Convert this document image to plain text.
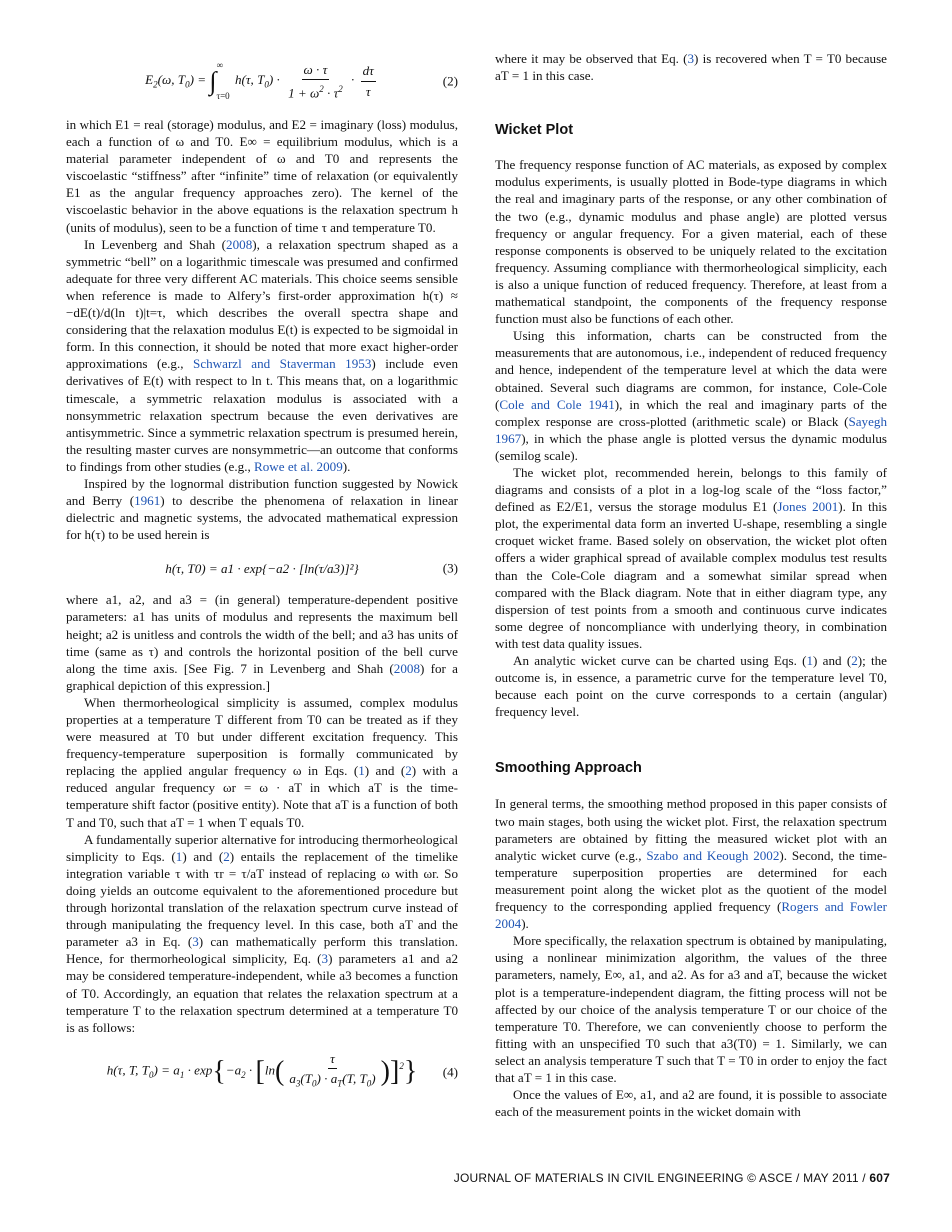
$E_2(\omega$, $T_0$) = ∫
∞
τ=0
h(τ, $T_0) \cdot \frac{\omega \cdot \tau}{1 + \omega^2 \cdot \tau^2} \cdot \frac{d\tau}{\tau}$	(2)

in which E1 = real (storage) modulus, and E2 = imaginary (loss) modulus, each a function of ω and T0. E∞ = equilibrium modulus, which is a material parameter independent of ω and T0 and represents the viscoelastic “stiffness” after “infinite” time of relaxation (or equivalently E1 as the angular frequency approaches zero). The kernel of the viscoelastic behavior in the above equations is the relaxation spectrum h (units of modulus), seen to be a function of time τ and temperature T0.

In Levenberg and Shah (2008), a relaxation spectrum shaped as a symmetric “bell” on a logarithmic timescale was presumed and confirmed adequate for three very different AC materials. This choice seems sensible when reference is made to Alfery’s first-order approximation h(τ) ≈ −dE(t)/d(ln t)|t=τ, which describes the overall spectra shape and considering that the relaxation modulus E(t) is expected to be sigmoidal in form. In this connection, it should be noted that more exact higher-order approximations (e.g., Schwarzl and Staverman 1953) include even derivatives of E(t) with respect to ln t. This means that, on a logarithmic timescale, a symmetric relaxation modulus is associated with a nonsymmetric relaxation spectrum because the even derivatives are antisymmetric. Since a symmetric relaxation spectrum is presumed herein, the resulting master curves are nonsymmetric—an outcome that conforms to findings from other studies (e.g., Rowe et al. 2009).

Inspired by the lognormal distribution function suggested by Nowick and Berry (1961) to describe the phenomena of relaxation in linear dielectric and magnetic systems, the advocated mathematical expression for h(τ) to be used herein is

h(τ, T0) = a1 · exp{−a2 · [ln(τ/a3)]²}	(3)

where a1, a2, and a3 = (in general) temperature-dependent positive parameters: a1 has units of modulus and represents the maximum bell height; a2 is unitless and controls the width of the bell; and a3 has units of time (same as τ) and controls the horizontal position of the bell curve along the time axis. [See Fig. 7 in Levenberg and Shah (2008) for a graphical depiction of this expression.]

When thermorheological simplicity is assumed, complex modulus properties at a temperature T different from T0 can be treated as if they were measured at T0 but under different excitation frequency. This frequency-temperature superposition is formally communicated by replacing the applied angular frequency ω in Eqs. (1) and (2) with a reduced angular frequency ωr = ω · aT in which aT is the time-temperature shift factor (positive entity). Note that aT is a function of both T and T0, such that aT = 1 when T equals T0.

A fundamentally superior alternative for introducing thermorheological simplicity to Eqs. (1) and (2) entails the replacement of the timelike integration variable τ with τr = τ/aT instead of replacing ω with ωr. So doing yields an outcome equivalent to the aforementioned procedure but through horizontal translation of the relaxation spectrum curve instead of through manipulating the frequency level. In this case, both aT and the parameter a3 in Eq. (3) can mathematically perform this translation. Hence, for thermorheological simplicity, Eq. (3) parameters a1 and a2 may be considered temperature-independent, while a3 becomes a function of T0. Accordingly, an equation that relates the relaxation spectrum at a temperature T to the relaxation spectrum determined at a temperature T0 is as follows:

h(τ, T, $T_0) = a_1 \cdot \exp\{-a_2 \cdot [\ln( \frac{\tau}{a_3(T_0) \cdot a_T(T, T_0)} )]^2\}$ (4)

where it may be observed that Eq. (3) is recovered when T = T0 because aT = 1 in this case.

Wicket Plot

The frequency response function of AC materials, as exposed by complex modulus experiments, is usually plotted in Bode-type diagrams in which the real and imaginary parts of the response, or any other combination of the two (e.g., dynamic modulus and phase angle) are plotted versus frequency or angular frequency. For a given material, each of these response components is observed to be uniquely related to the excitation frequency. Assuming compliance with thermorheological simplicity, each is also a unique function of reduced frequency. Therefore, at least from a mathematical standpoint, the components of the frequency response function must also be functions of each other.

Using this information, charts can be constructed from the measurements that are autonomous, i.e., independent of reduced frequency and hence, independent of the temperature level at which the data were obtained. Several such diagrams are common, for instance, Cole-Cole (Cole and Cole 1941), in which the real and imaginary parts of the complex response are cross-plotted (arithmetic scale) or Black (Sayegh 1967), in which the phase angle is plotted versus the dynamic modulus (semilog scale).

The wicket plot, recommended herein, belongs to this family of diagrams and consists of a plot in a log-log scale of the “loss factor,” defined as E2/E1, versus the storage modulus E1 (Jones 2001). In this plot, the experimental data form an inverted U-shape, resembling a single croquet wicket frame. Based solely on observation, the wicket plot often offers a wider graphical spread of available complex modulus test results than the Cole-Cole diagram and a somewhat similar spread when compared with the Black diagram. Note that in either diagram type, any dispersion of test points from a smooth and continuous curve indicates some degree of noncompliance with underlying theory, in combination with test data quality issues.

An analytic wicket curve can be charted using Eqs. (1) and (2); the outcome is, in essence, a parametric curve for the temperature level T0, because each point on the curve corresponds to a certain (angular) frequency level.

Smoothing Approach

In general terms, the smoothing method proposed in this paper consists of two main stages, both using the wicket plot. First, the relaxation spectrum parameters are obtained by fitting the measured wicket plot with an analytic wicket curve (e.g., Szabo and Keough 2002). Second, the time-temperature superposition properties are determined for each measurement point along the wicket plot as the quotient of the model frequency to the corresponding applied frequency (Rogers and Fowler 2004).

More specifically, the relaxation spectrum is obtained by manipulating, using a nonlinear minimization algorithm, the values of the three parameters, namely, E∞, a1, and a2. As for a3 and aT, because the wicket plot is a temperature-independent diagram, the fitting process will not be affected by our choice of the analysis temperature T or our choice of the temperature T0. Therefore, we can conveniently choose to perform the fitting with an unspecified T0 such that a3(T0) = 1. Similarly, we can select an analysis temperature T such that T = T0 in order to enjoy the fact that aT = 1 in this case.

Once the values of E∞, a1, and a2 are found, it is possible to associate each of the measurement points in the wicket domain with

JOURNAL OF MATERIALS IN CIVIL ENGINEERING © ASCE / MAY 2011 / 607
